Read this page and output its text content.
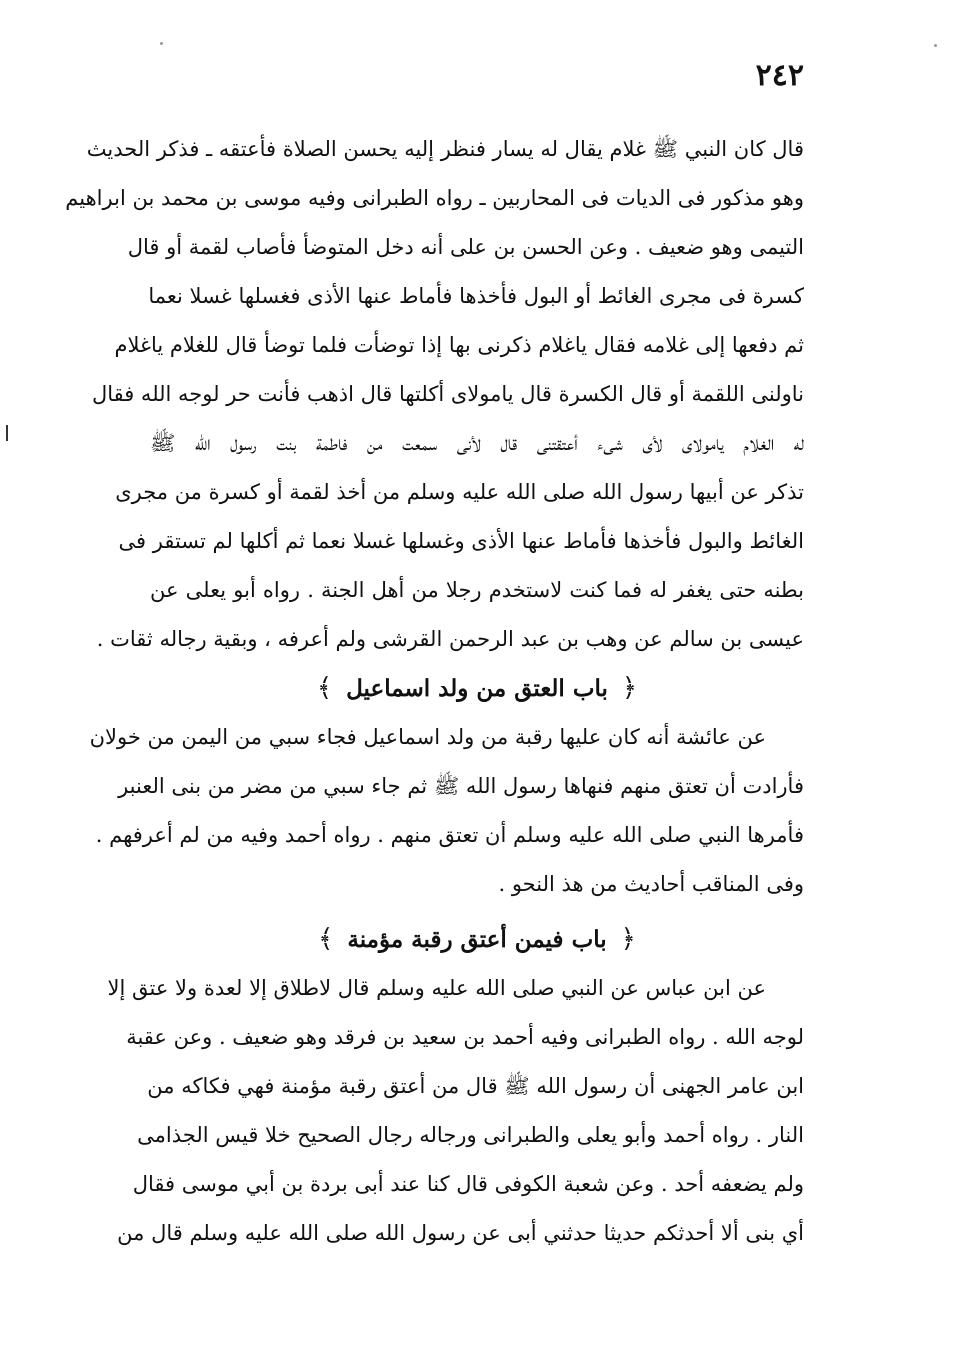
٢٤٢
قال كان النبي ﷺ غلام يقال له يسار فنظر إليه يحسن الصلاة فأعتقه ـ فذكر الحديث
وهو مذكور فى الديات فى المحاربين ـ رواه الطبرانى وفيه موسى بن محمد بن ابراهيم
التيمى وهو ضعيف . وعن الحسن بن على أنه دخل المتوضأ فأصاب لقمة أو قال
كسرة فى مجرى الغائط أو البول فأخذها فأماط عنها الأذى فغسلها غسلا نعما
ثم دفعها إلى غلامه فقال ياغلام ذكرنى بها إذا توضأت فلما توضأ قال للغلام ياغلام
ناولنى اللقمة أو قال الكسرة قال يامولاى أكلتها قال اذهب فأنت حر لوجه الله فقال
له الغلام يامولاى لأى شىء أعتقتنى قال لأنى سمعت من فاطمة بنت رسول الله ﷺ
تذكر عن أبيها رسول الله صلى الله عليه وسلم من أخذ لقمة أو كسرة من مجرى
الغائط والبول فأخذها فأماط عنها الأذى وغسلها غسلا نعما ثم أكلها لم تستقر فى
بطنه حتى يغفر له فما كنت لاستخدم رجلا من أهل الجنة . رواه أبو يعلى عن
عيسى بن سالم عن وهب بن عبد الرحمن القرشى ولم أعرفه ، وبقية رجاله ثقات .
﴿ باب العتق من ولد اسماعيل ﴾
عن عائشة أنه كان عليها رقبة من ولد اسماعيل فجاء سبي من اليمن من خولان
فأرادت أن تعتق منهم فنهاها رسول الله ﷺ ثم جاء سبي من مضر من بنى العنبر
فأمرها النبي صلى الله عليه وسلم أن تعتق منهم . رواه أحمد وفيه من لم أعرفهم .
وفى المناقب أحاديث من هذ النحو .
﴿ باب فيمن أعتق رقبة مؤمنة ﴾
عن ابن عباس عن النبي صلى الله عليه وسلم قال لاطلاق إلا لعدة ولا عتق إلا
لوجه الله . رواه الطبرانى وفيه أحمد بن سعيد بن فرقد وهو ضعيف . وعن عقبة
ابن عامر الجهنى أن رسول الله ﷺ قال من أعتق رقبة مؤمنة فهي فكاكه من
النار . رواه أحمد وأبو يعلى والطبرانى ورجاله رجال الصحيح خلا قيس الجذامى
ولم يضعفه أحد . وعن شعبة الكوفى قال كنا عند أبى بردة بن أبي موسى فقال
أي بنى ألا أحدثكم حديثا حدثني أبى عن رسول الله صلى الله عليه وسلم قال من
